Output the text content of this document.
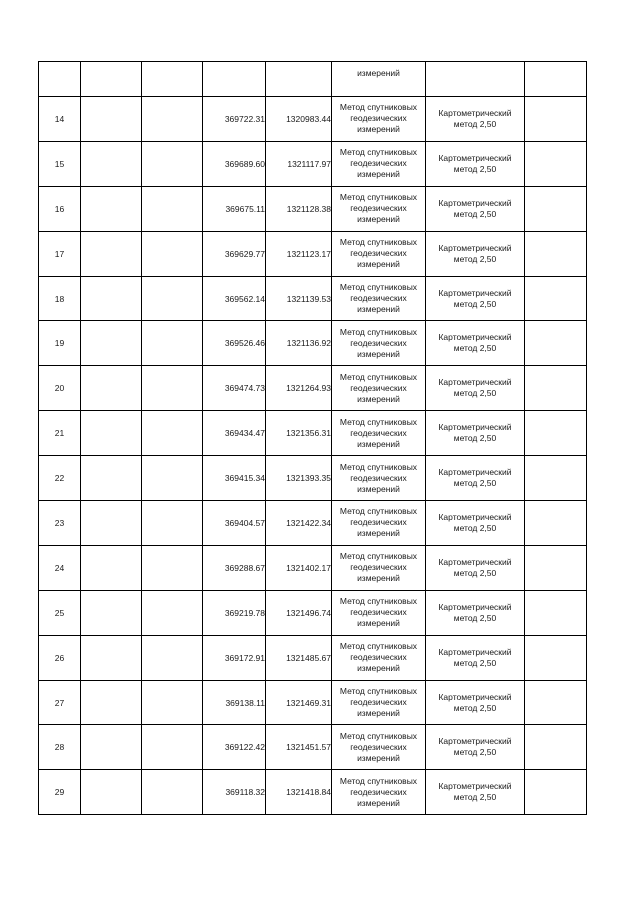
					измерений		
14			369722.31	1320983.44	Метод спутниковых геодезических измерений	Картометрический метод 2,50	
15			369689.60	1321117.97	Метод спутниковых геодезических измерений	Картометрический метод 2,50	
16			369675.11	1321128.38	Метод спутниковых геодезических измерений	Картометрический метод 2,50	
17			369629.77	1321123.17	Метод спутниковых геодезических измерений	Картометрический метод 2,50	
18			369562.14	1321139.53	Метод спутниковых геодезических измерений	Картометрический метод 2,50	
19			369526.46	1321136.92	Метод спутниковых геодезических измерений	Картометрический метод 2,50	
20			369474.73	1321264.93	Метод спутниковых геодезических измерений	Картометрический метод 2,50	
21			369434.47	1321356.31	Метод спутниковых геодезических измерений	Картометрический метод 2,50	
22			369415.34	1321393.35	Метод спутниковых геодезических измерений	Картометрический метод 2,50	
23			369404.57	1321422.34	Метод спутниковых геодезических измерений	Картометрический метод 2,50	
24			369288.67	1321402.17	Метод спутниковых геодезических измерений	Картометрический метод 2,50	
25			369219.78	1321496.74	Метод спутниковых геодезических измерений	Картометрический метод 2,50	
26			369172.91	1321485.67	Метод спутниковых геодезических измерений	Картометрический метод 2,50	
27			369138.11	1321469.31	Метод спутниковых геодезических измерений	Картометрический метод 2,50	
28			369122.42	1321451.57	Метод спутниковых геодезических измерений	Картометрический метод 2,50	
29			369118.32	1321418.84	Метод спутниковых геодезических измерений	Картометрический метод 2,50	
